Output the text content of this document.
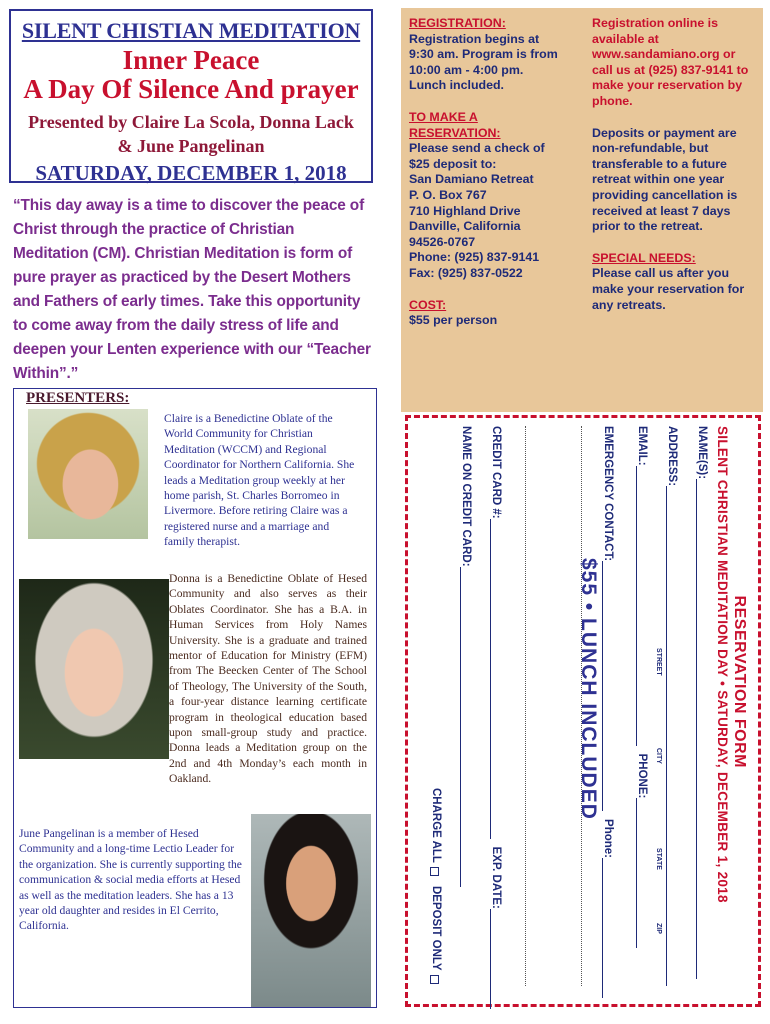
SILENT CHISTIAN MEDITATION
Inner Peace
A Day Of Silence And prayer
Presented by Claire La Scola, Donna Lack
& June Pangelinan
SATURDAY, DECEMBER 1, 2018
“This day away is a time to discover the peace of Christ through the practice of Christian Meditation (CM). Christian Meditation is form of pure prayer as practiced by the Desert Mothers and Fathers of early times. Take this opportunity to come away from the daily stress of life and deepen your Lenten experience with our “Teacher Within”.”
REGISTRATION:
Registration begins at 9:30 am. Program is from 10:00 am - 4:00 pm. Lunch included.
TO MAKE A RESERVATION:
Please send a check of $25 deposit to:
San Damiano Retreat
P. O. Box 767
710 Highland Drive
Danville, California
94526-0767
Phone: (925) 837-9141
Fax: (925) 837-0522
COST:
$55 per person
Registration online is available at www.sandamiano.org or call us at (925) 837-9141 to make your reservation by phone.
Deposits or payment are non-refundable, but transferable to a future retreat within one year providing cancellation is received at least 7 days prior to the retreat.
SPECIAL NEEDS:
Please call us after you make your reservation for any retreats.
PRESENTERS:
Claire is a Benedictine Oblate of the World Community for Christian Meditation (WCCM) and Regional Coordinator for Northern California. She leads a Meditation group weekly at her home parish, St. Charles Borromeo in Livermore. Before retiring Claire was a registered nurse and a marriage and family therapist.
Donna is a Benedictine Oblate of Hesed Community and also serves as their Oblates Coordinator. She has a B.A. in Human Services from Holy Names University. She is a graduate and trained mentor of Education for Ministry (EFM) from The Beecken Center of The School of Theology, The University of the South, a four-year distance learning certificate program in theological education based upon small-group study and practice. Donna leads a Meditation group on the 2nd and 4th Monday’s each month in Oakland.
June Pangelinan is a member of Hesed Community and a long-time Lectio Leader for the organization. She is currently supporting the communication & social media efforts at Hesed as well as the meditation leaders. She has a 13 year old daughter and resides in El Cerrito, California.
RESERVATION FORM
SILENT CHRISTIAN MEDITATION DAY • SATURDAY, DECEMBER 1, 2018
NAME(S):
ADDRESS:
STREET
CITY
STATE
ZIP
EMAIL:
PHONE:
EMERGENCY CONTACT:
Phone:
$55 • LUNCH INCLUDED
CREDIT CARD #:
EXP. DATE:
NAME ON CREDIT CARD:
CHARGE ALL
DEPOSIT ONLY
